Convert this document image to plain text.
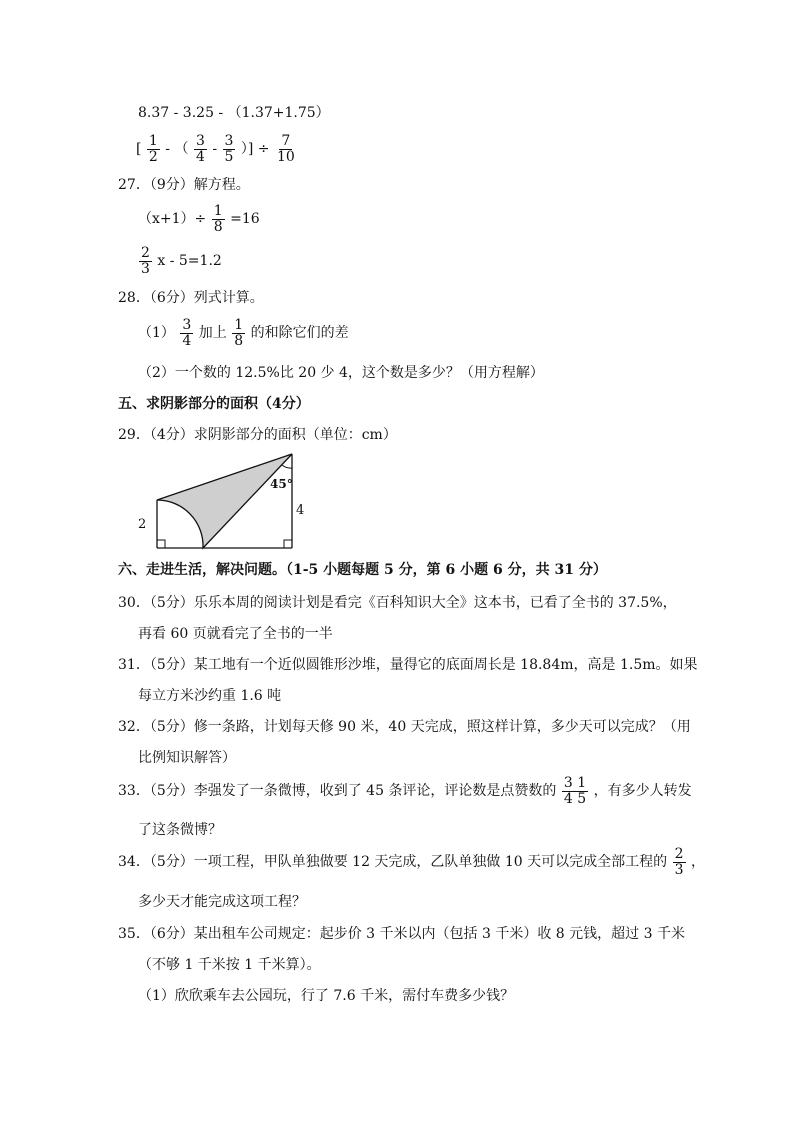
8.37 - 3.25 - （1.37+1.75）
[ $\frac{1}{2}$ - （ $\frac{3}{4} - \frac{3}{5}$ ）] ÷ $\frac{7}{10}$
27．（9分）解方程。
$(x+1)\div \frac{1}{8} =16$
$\frac{2}{3}$ x - 5=1.2
28．（6分）列式计算。
$(1) \frac{3}{4}$ 加上 $\frac{1}{8}$ 的和除它们的差
（2）一个数的 12.5%比 20 少 4，这个数是多少？（用方程解）
五、求阴影部分的面积（4分）
29．（4分）求阴影部分的面积（单位：cm）
2
4
45°
六、走进生活，解决问题。（1-5 小题每题 5 分，第 6 小题 6 分，共 31 分）
30．（5分）乐乐本周的阅读计划是看完《百科知识大全》这本书，已看了全书的 37.5%，
再看 60 页就看完了全书的一半
31．（5分）某工地有一个近似圆锥形沙堆，量得它的底面周长是 18.84m，高是 1.5m。如果
每立方米沙约重 1.6 吨
32．（5分）修一条路，计划每天修 90 米，40 天完成，照这样计算，多少天可以完成？（用
比例知识解答）
33．（5分）李强发了一条微博，收到了 45 条评论，评论数是点赞数的 $\frac{3 1}{4 5}$ ，有多少人转发
了这条微博？
34．（5分）一项工程，甲队单独做要 12 天完成，乙队单独做 10 天可以完成全部工程的 $\frac{2}{3}$ ，
多少天才能完成这项工程？
35．（6分）某出租车公司规定：起步价 3 千米以内（包括 3 千米）收 8 元钱，超过 3 千米
（不够 1 千米按 1 千米算）。
（1）欣欣乘车去公园玩，行了 7.6 千米，需付车费多少钱？
